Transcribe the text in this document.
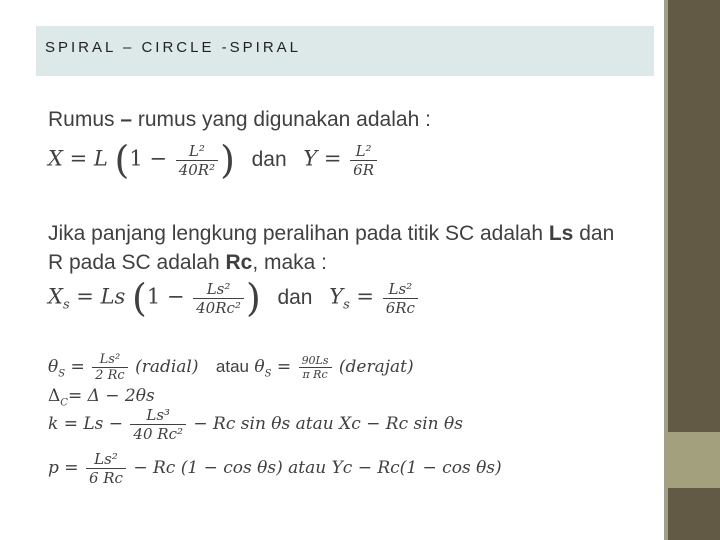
SPIRAL – CIRCLE -SPIRAL
Rumus – rumus yang digunakan adalah :
X = L ($1 - \frac{\text{L²}}{\text{40R²}}$ ) dan $Y = \frac{\text{L²}}{6R}$
Jika panjang lengkung peralihan pada titik SC adalah Ls dan
R pada SC adalah Rc, maka :
$X_s = Ls$ ($1 - \frac{\text{Ls²}}{\text{40Rc²}}$ ) dan $Y_s = \frac{\text{Ls²}}{6Rc}$
$\theta_S = \frac{\text{Ls²}}{2 Rc}$ (radial) atau $\theta_S = \frac{90Ls}{\text{π Rc}}$ (derajat)
$\Delta_C= \Delta - 2\theta s$
$k = Ls - \frac{\text{Ls³}}{\text{40 Rc²}} - Rc$ sin θs atau Xc − Rc sin θs
$p = \frac{\text{Ls²}}{6 Rc} - Rc$ (1 − cos θs) atau Yc − Rc(1 − cos θs)
